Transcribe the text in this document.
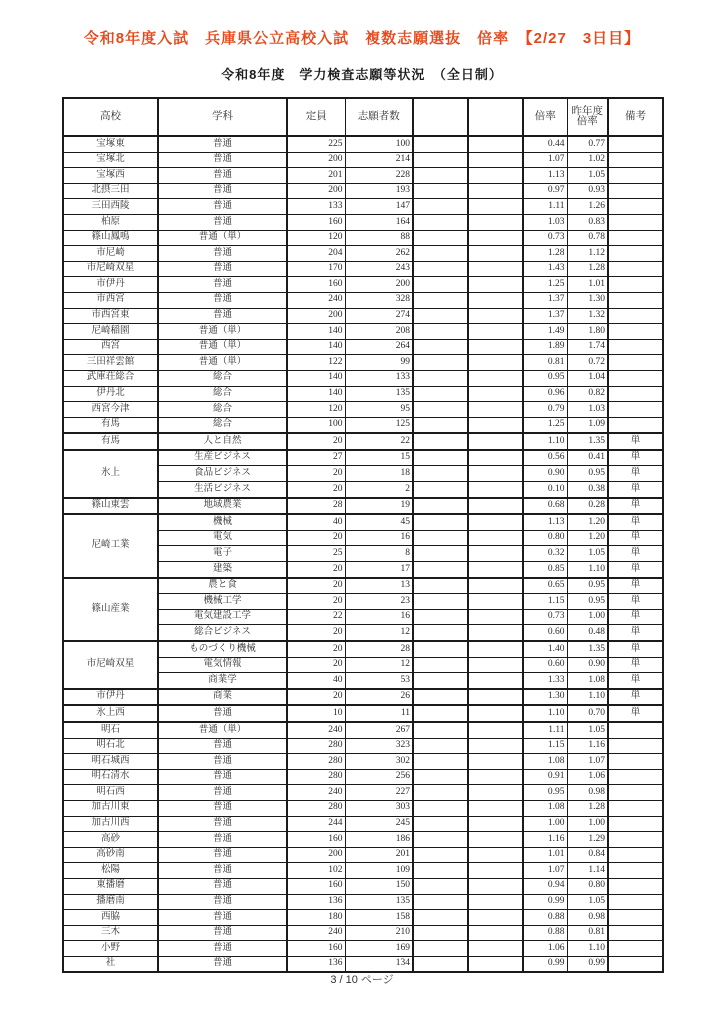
令和8年度入試　兵庫県公立高校入試　複数志願選抜　倍率　【2/27　3日目】
令和8年度　学力検査志願等状況　（全日制）
高校	学科	定員	志願者数			倍率	昨年度
倍率	備考
宝塚東	普通	225	100			0.44	0.77	
宝塚北	普通	200	214			1.07	1.02	
宝塚西	普通	201	228			1.13	1.05	
北摂三田	普通	200	193			0.97	0.93	
三田西陵	普通	133	147			1.11	1.26	
柏原	普通	160	164			1.03	0.83	
篠山鳳鳴	普通（単）	120	88			0.73	0.78	
市尼崎	普通	204	262			1.28	1.12	
市尼崎双星	普通	170	243			1.43	1.28	
市伊丹	普通	160	200			1.25	1.01	
市西宮	普通	240	328			1.37	1.30	
市西宮東	普通	200	274			1.37	1.32	
尼崎稲園	普通（単）	140	208			1.49	1.80	
西宮	普通（単）	140	264			1.89	1.74	
三田祥雲館	普通（単）	122	99			0.81	0.72	
武庫荘総合	総合	140	133			0.95	1.04	
伊丹北	総合	140	135			0.96	0.82	
西宮今津	総合	120	95			0.79	1.03	
有馬	総合	100	125			1.25	1.09	
有馬	人と自然	20	22			1.10	1.35	単
氷上	生産ビジネス	27	15			0.56	0.41	単
	食品ビジネス	20	18			0.90	0.95	単
	生活ビジネス	20	2			0.10	0.38	単
篠山東雲	地域農業	28	19			0.68	0.28	単
尼崎工業	機械	40	45			1.13	1.20	単
	電気	20	16			0.80	1.20	単
	電子	25	8			0.32	1.05	単
	建築	20	17			0.85	1.10	単
篠山産業	農と食	20	13			0.65	0.95	単
	機械工学	20	23			1.15	0.95	単
	電気建設工学	22	16			0.73	1.00	単
	総合ビジネス	20	12			0.60	0.48	単
市尼崎双星	ものづくり機械	20	28			1.40	1.35	単
	電気情報	20	12			0.60	0.90	単
	商業学	40	53			1.33	1.08	単
市伊丹	商業	20	26			1.30	1.10	単
氷上西	普通	10	11			1.10	0.70	単
明石	普通（単）	240	267			1.11	1.05	
明石北	普通	280	323			1.15	1.16	
明石城西	普通	280	302			1.08	1.07	
明石清水	普通	280	256			0.91	1.06	
明石西	普通	240	227			0.95	0.98	
加古川東	普通	280	303			1.08	1.28	
加古川西	普通	244	245			1.00	1.00	
高砂	普通	160	186			1.16	1.29	
高砂南	普通	200	201			1.01	0.84	
松陽	普通	102	109			1.07	1.14	
東播磨	普通	160	150			0.94	0.80	
播磨南	普通	136	135			0.99	1.05	
西脇	普通	180	158			0.88	0.98	
三木	普通	240	210			0.88	0.81	
小野	普通	160	169			1.06	1.10	
社	普通	136	134			0.99	0.99	
3 / 10 ページ
